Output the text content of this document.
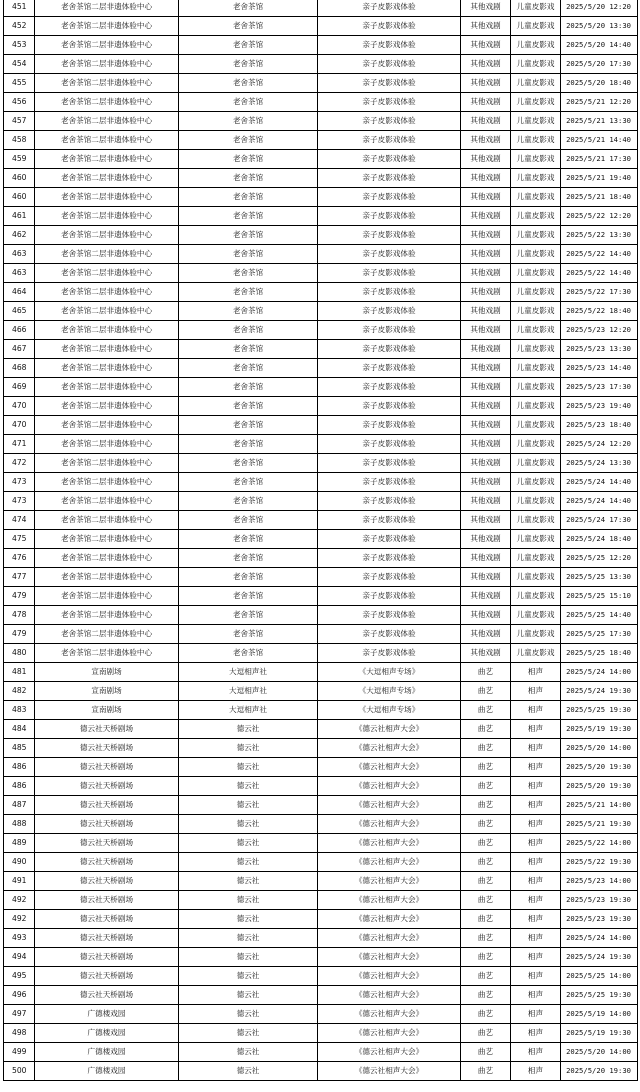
451	老舍茶馆二层非遗体验中心	老舍茶馆	亲子皮影戏体验	其他戏剧	儿童皮影戏	2025/5/20 12:20
452	老舍茶馆二层非遗体验中心	老舍茶馆	亲子皮影戏体验	其他戏剧	儿童皮影戏	2025/5/20 13:30
453	老舍茶馆二层非遗体验中心	老舍茶馆	亲子皮影戏体验	其他戏剧	儿童皮影戏	2025/5/20 14:40
454	老舍茶馆二层非遗体验中心	老舍茶馆	亲子皮影戏体验	其他戏剧	儿童皮影戏	2025/5/20 17:30
455	老舍茶馆二层非遗体验中心	老舍茶馆	亲子皮影戏体验	其他戏剧	儿童皮影戏	2025/5/20 18:40
456	老舍茶馆二层非遗体验中心	老舍茶馆	亲子皮影戏体验	其他戏剧	儿童皮影戏	2025/5/21 12:20
457	老舍茶馆二层非遗体验中心	老舍茶馆	亲子皮影戏体验	其他戏剧	儿童皮影戏	2025/5/21 13:30
458	老舍茶馆二层非遗体验中心	老舍茶馆	亲子皮影戏体验	其他戏剧	儿童皮影戏	2025/5/21 14:40
459	老舍茶馆二层非遗体验中心	老舍茶馆	亲子皮影戏体验	其他戏剧	儿童皮影戏	2025/5/21 17:30
460	老舍茶馆二层非遗体验中心	老舍茶馆	亲子皮影戏体验	其他戏剧	儿童皮影戏	2025/5/21 19:40
460	老舍茶馆二层非遗体验中心	老舍茶馆	亲子皮影戏体验	其他戏剧	儿童皮影戏	2025/5/21 18:40
461	老舍茶馆二层非遗体验中心	老舍茶馆	亲子皮影戏体验	其他戏剧	儿童皮影戏	2025/5/22 12:20
462	老舍茶馆二层非遗体验中心	老舍茶馆	亲子皮影戏体验	其他戏剧	儿童皮影戏	2025/5/22 13:30
463	老舍茶馆二层非遗体验中心	老舍茶馆	亲子皮影戏体验	其他戏剧	儿童皮影戏	2025/5/22 14:40
463	老舍茶馆二层非遗体验中心	老舍茶馆	亲子皮影戏体验	其他戏剧	儿童皮影戏	2025/5/22 14:40
464	老舍茶馆二层非遗体验中心	老舍茶馆	亲子皮影戏体验	其他戏剧	儿童皮影戏	2025/5/22 17:30
465	老舍茶馆二层非遗体验中心	老舍茶馆	亲子皮影戏体验	其他戏剧	儿童皮影戏	2025/5/22 18:40
466	老舍茶馆二层非遗体验中心	老舍茶馆	亲子皮影戏体验	其他戏剧	儿童皮影戏	2025/5/23 12:20
467	老舍茶馆二层非遗体验中心	老舍茶馆	亲子皮影戏体验	其他戏剧	儿童皮影戏	2025/5/23 13:30
468	老舍茶馆二层非遗体验中心	老舍茶馆	亲子皮影戏体验	其他戏剧	儿童皮影戏	2025/5/23 14:40
469	老舍茶馆二层非遗体验中心	老舍茶馆	亲子皮影戏体验	其他戏剧	儿童皮影戏	2025/5/23 17:30
470	老舍茶馆二层非遗体验中心	老舍茶馆	亲子皮影戏体验	其他戏剧	儿童皮影戏	2025/5/23 19:40
470	老舍茶馆二层非遗体验中心	老舍茶馆	亲子皮影戏体验	其他戏剧	儿童皮影戏	2025/5/23 18:40
471	老舍茶馆二层非遗体验中心	老舍茶馆	亲子皮影戏体验	其他戏剧	儿童皮影戏	2025/5/24 12:20
472	老舍茶馆二层非遗体验中心	老舍茶馆	亲子皮影戏体验	其他戏剧	儿童皮影戏	2025/5/24 13:30
473	老舍茶馆二层非遗体验中心	老舍茶馆	亲子皮影戏体验	其他戏剧	儿童皮影戏	2025/5/24 14:40
473	老舍茶馆二层非遗体验中心	老舍茶馆	亲子皮影戏体验	其他戏剧	儿童皮影戏	2025/5/24 14:40
474	老舍茶馆二层非遗体验中心	老舍茶馆	亲子皮影戏体验	其他戏剧	儿童皮影戏	2025/5/24 17:30
475	老舍茶馆二层非遗体验中心	老舍茶馆	亲子皮影戏体验	其他戏剧	儿童皮影戏	2025/5/24 18:40
476	老舍茶馆二层非遗体验中心	老舍茶馆	亲子皮影戏体验	其他戏剧	儿童皮影戏	2025/5/25 12:20
477	老舍茶馆二层非遗体验中心	老舍茶馆	亲子皮影戏体验	其他戏剧	儿童皮影戏	2025/5/25 13:30
479	老舍茶馆二层非遗体验中心	老舍茶馆	亲子皮影戏体验	其他戏剧	儿童皮影戏	2025/5/25 15:10
478	老舍茶馆二层非遗体验中心	老舍茶馆	亲子皮影戏体验	其他戏剧	儿童皮影戏	2025/5/25 14:40
479	老舍茶馆二层非遗体验中心	老舍茶馆	亲子皮影戏体验	其他戏剧	儿童皮影戏	2025/5/25 17:30
480	老舍茶馆二层非遗体验中心	老舍茶馆	亲子皮影戏体验	其他戏剧	儿童皮影戏	2025/5/25 18:40
481	宣南剧场	大逗相声社	《大逗相声专场》	曲艺	相声	2025/5/24 14:00
482	宣南剧场	大逗相声社	《大逗相声专场》	曲艺	相声	2025/5/24 19:30
483	宣南剧场	大逗相声社	《大逗相声专场》	曲艺	相声	2025/5/25 19:30
484	德云社天桥剧场	德云社	《德云社相声大会》	曲艺	相声	2025/5/19 19:30
485	德云社天桥剧场	德云社	《德云社相声大会》	曲艺	相声	2025/5/20 14:00
486	德云社天桥剧场	德云社	《德云社相声大会》	曲艺	相声	2025/5/20 19:30
486	德云社天桥剧场	德云社	《德云社相声大会》	曲艺	相声	2025/5/20 19:30
487	德云社天桥剧场	德云社	《德云社相声大会》	曲艺	相声	2025/5/21 14:00
488	德云社天桥剧场	德云社	《德云社相声大会》	曲艺	相声	2025/5/21 19:30
489	德云社天桥剧场	德云社	《德云社相声大会》	曲艺	相声	2025/5/22 14:00
490	德云社天桥剧场	德云社	《德云社相声大会》	曲艺	相声	2025/5/22 19:30
491	德云社天桥剧场	德云社	《德云社相声大会》	曲艺	相声	2025/5/23 14:00
492	德云社天桥剧场	德云社	《德云社相声大会》	曲艺	相声	2025/5/23 19:30
492	德云社天桥剧场	德云社	《德云社相声大会》	曲艺	相声	2025/5/23 19:30
493	德云社天桥剧场	德云社	《德云社相声大会》	曲艺	相声	2025/5/24 14:00
494	德云社天桥剧场	德云社	《德云社相声大会》	曲艺	相声	2025/5/24 19:30
495	德云社天桥剧场	德云社	《德云社相声大会》	曲艺	相声	2025/5/25 14:00
496	德云社天桥剧场	德云社	《德云社相声大会》	曲艺	相声	2025/5/25 19:30
497	广德楼戏园	德云社	《德云社相声大会》	曲艺	相声	2025/5/19 14:00
498	广德楼戏园	德云社	《德云社相声大会》	曲艺	相声	2025/5/19 19:30
499	广德楼戏园	德云社	《德云社相声大会》	曲艺	相声	2025/5/20 14:00
500	广德楼戏园	德云社	《德云社相声大会》	曲艺	相声	2025/5/20 19:30
